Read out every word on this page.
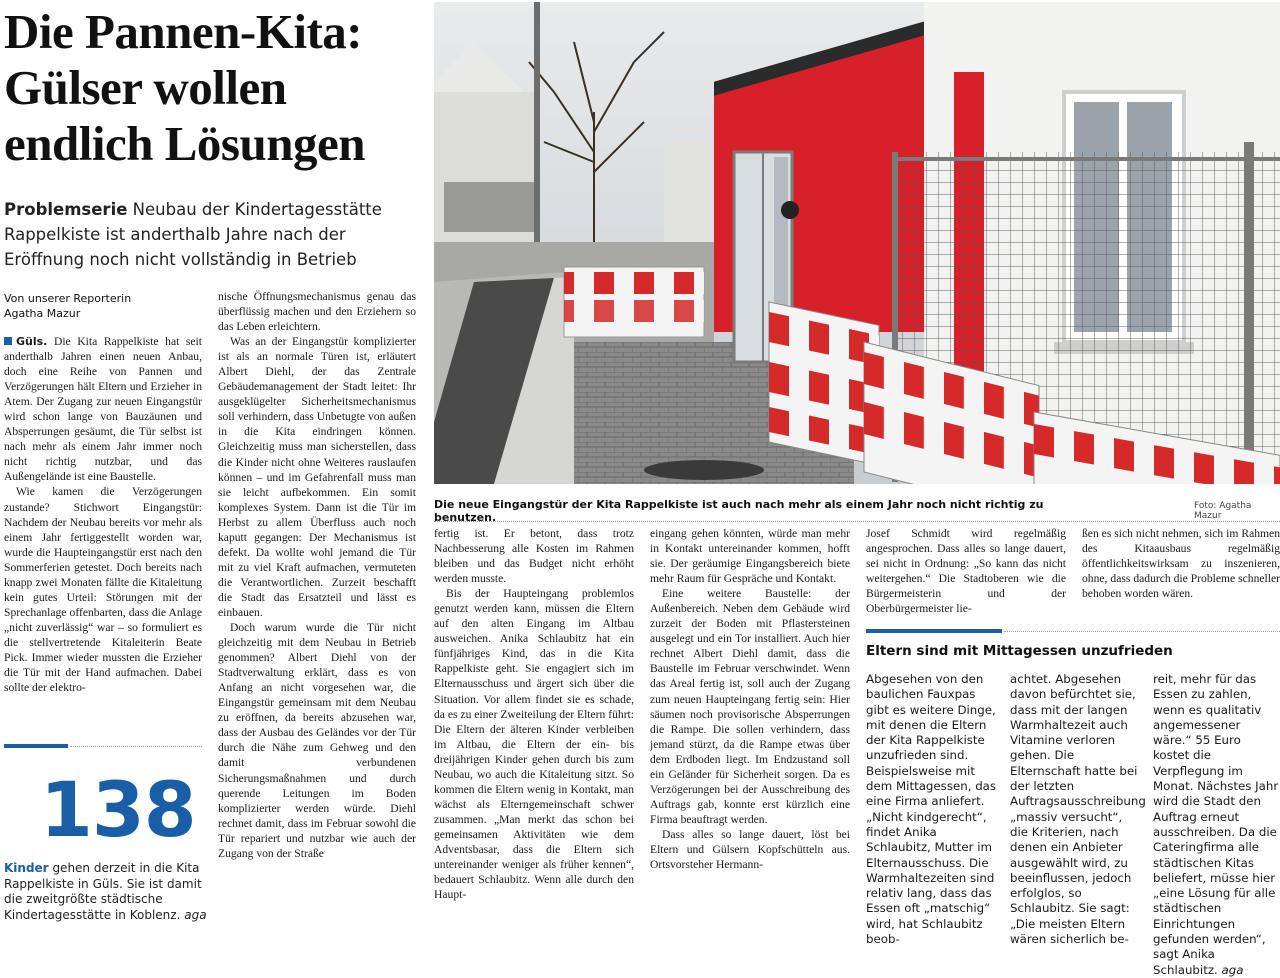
Die Pannen-Kita:
Gülser wollen
endlich Lösungen
Problemserie Neubau der Kindertagesstätte
Rappelkiste ist anderthalb Jahre nach der
Eröffnung noch nicht vollständig in Betrieb
Von unserer Reporterin
Agatha Mazur

Güls. Die Kita Rappelkiste hat seit anderthalb Jahren einen neuen Anbau, doch eine Reihe von Pannen und Verzögerungen hält Eltern und Erzieher in Atem. Der Zugang zur neuen Eingangstür wird schon lange von Bauzäunen und Absperrungen gesäumt, die Tür selbst ist nach mehr als einem Jahr immer noch nicht richtig nutzbar, und das Außengelände ist eine Baustelle.

Wie kamen die Verzögerungen zustande? Stichwort Eingangstür: Nachdem der Neubau bereits vor mehr als einem Jahr fertiggestellt worden war, wurde die Haupteingangstür erst nach den Sommerferien getestet. Doch bereits nach knapp zwei Monaten fällte die Kitaleitung kein gutes Urteil: Störungen mit der Sprechanlage offenbarten, dass die Anlage „nicht zuverlässig“ war – so formuliert es die stellvertretende Kitaleiterin Beate Pick. Immer wieder mussten die Erzieher die Tür mit der Hand aufmachen. Dabei sollte der elektro-

138
Kinder gehen derzeit in die Kita Rappelkiste in Güls. Sie ist damit die zweitgrößte städtische Kindertagesstätte in Koblenz. aga

nische Öffnungsmechanismus genau das überflüssig machen und den Erziehern so das Leben erleichtern.

Was an der Eingangstür komplizierter ist als an normale Türen ist, erläutert Albert Diehl, der das Zentrale Gebäudemanagement der Stadt leitet: Ihr ausgeklügelter Sicherheitsmechanismus soll verhindern, dass Unbetugte von außen in die Kita eindringen können. Gleichzeitig muss man sicherstellen, dass die Kinder nicht ohne Weiteres rauslaufen können – und im Gefahrenfall muss man sie leicht aufbekommen. Ein somit komplexes System. Dann ist die Tür im Herbst zu allem Überfluss auch noch kaputt gegangen: Der Mechanismus ist defekt. Da wollte wohl jemand die Tür mit zu viel Kraft aufmachen, vermuteten die Verantwortlichen. Zurzeit beschafft die Stadt das Ersatzteil und lässt es einbauen.

Doch warum wurde die Tür nicht gleichzeitig mit dem Neubau in Betrieb genommen? Albert Diehl von der Stadtverwaltung erklärt, dass es von Anfang an nicht vorgesehen war, die Eingangstür gemeinsam mit dem Neubau zu eröffnen, da bereits abzusehen war, dass der Ausbau des Geländes vor der Tür durch die Nähe zum Gehweg und den damit verbundenen Sicherungsmaßnahmen und durch querende Leitungen im Boden komplizierter werden würde. Diehl rechnet damit, dass im Februar sowohl die Tür repariert und nutzbar wie auch der Zugang von der Straße

Die neue Eingangstür der Kita Rappelkiste ist auch nach mehr als einem Jahr noch nicht richtig zu benutzen.
Foto: Agatha Mazur

fertig ist. Er betont, dass trotz Nachbesserung alle Kosten im Rahmen bleiben und das Budget nicht erhöht werden musste.

Bis der Haupteingang problemlos genutzt werden kann, müssen die Eltern auf den alten Eingang im Altbau ausweichen. Anika Schlaubitz hat ein fünfjähriges Kind, das in die Kita Rappelkiste geht. Sie engagiert sich im Elternausschuss und ärgert sich über die Situation. Vor allem findet sie es schade, da es zu einer Zweiteilung der Eltern führt: Die Eltern der älteren Kinder verbleiben im Altbau, die Eltern der ein- bis dreijährigen Kinder gehen durch bis zum Neubau, wo auch die Kitaleitung sitzt. So kommen die Eltern wenig in Kontakt, man wächst als Elterngemeinschaft schwer zusammen. „Man merkt das schon bei gemeinsamen Aktivitäten wie dem Adventsbasar, dass die Eltern sich untereinander weniger als früher kennen“, bedauert Schlaubitz. Wenn alle durch den Haupt-

eingang gehen könnten, würde man mehr in Kontakt untereinander kommen, hofft sie. Der geräumige Eingangsbereich biete mehr Raum für Gespräche und Kontakt.

Eine weitere Baustelle: der Außenbereich. Neben dem Gebäude wird zurzeit der Boden mit Pflastersteinen ausgelegt und ein Tor installiert. Auch hier rechnet Albert Diehl damit, dass die Baustelle im Februar verschwindet. Wenn das Areal fertig ist, soll auch der Zugang zum neuen Haupteingang fertig sein: Hier säumen noch provisorische Absperrungen die Rampe. Die sollen verhindern, dass jemand stürzt, da die Rampe etwas über dem Erdboden liegt. Im Endzustand soll ein Geländer für Sicherheit sorgen. Da es Verzögerungen bei der Ausschreibung des Auftrags gab, konnte erst kürzlich eine Firma beauftragt werden.

Dass alles so lange dauert, löst bei Eltern und Gülsern Kopfschütteln aus. Ortsvorsteher Hermann-

Josef Schmidt wird regelmäßig angesprochen. Dass alles so lange dauert, sei nicht in Ordnung: „So kann das nicht weitergehen.“ Die Stadtoberen wie die Bürgermeisterin und der Oberbürgermeister lie-

ßen es sich nicht nehmen, sich im Rahmen des Kitaausbaus regelmäßig öffentlichkeitswirksam zu inszenieren, ohne, dass dadurch die Probleme schneller behoben worden wären.

Eltern sind mit Mittagessen unzufrieden

Abgesehen von den baulichen Fauxpas gibt es weitere Dinge, mit denen die Eltern der Kita Rappelkiste unzufrieden sind. Beispielsweise mit dem Mittagessen, das eine Firma anliefert. „Nicht kindgerecht“, findet Anika Schlaubitz, Mutter im Elternausschuss. Die Warmhaltezeiten sind relativ lang, dass das Essen oft „matschig“ wird, hat Schlaubitz beob-

achtet. Abgesehen davon befürchtet sie, dass mit der langen Warmhaltezeit auch Vitamine verloren gehen. Die Elternschaft hatte bei der letzten Auftragsausschreibung „massiv versucht“, die Kriterien, nach denen ein Anbieter ausgewählt wird, zu beeinflussen, jedoch erfolglos, so Schlaubitz. Sie sagt: „Die meisten Eltern wären sicherlich be-

reit, mehr für das Essen zu zahlen, wenn es qualitativ angemessener wäre.“ 55 Euro kostet die Verpflegung im Monat. Nächstes Jahr wird die Stadt den Auftrag erneut ausschreiben. Da die Cateringfirma alle städtischen Kitas beliefert, müsse hier „eine Lösung für alle städtischen Einrichtungen gefunden werden“, sagt Anika Schlaubitz. aga
